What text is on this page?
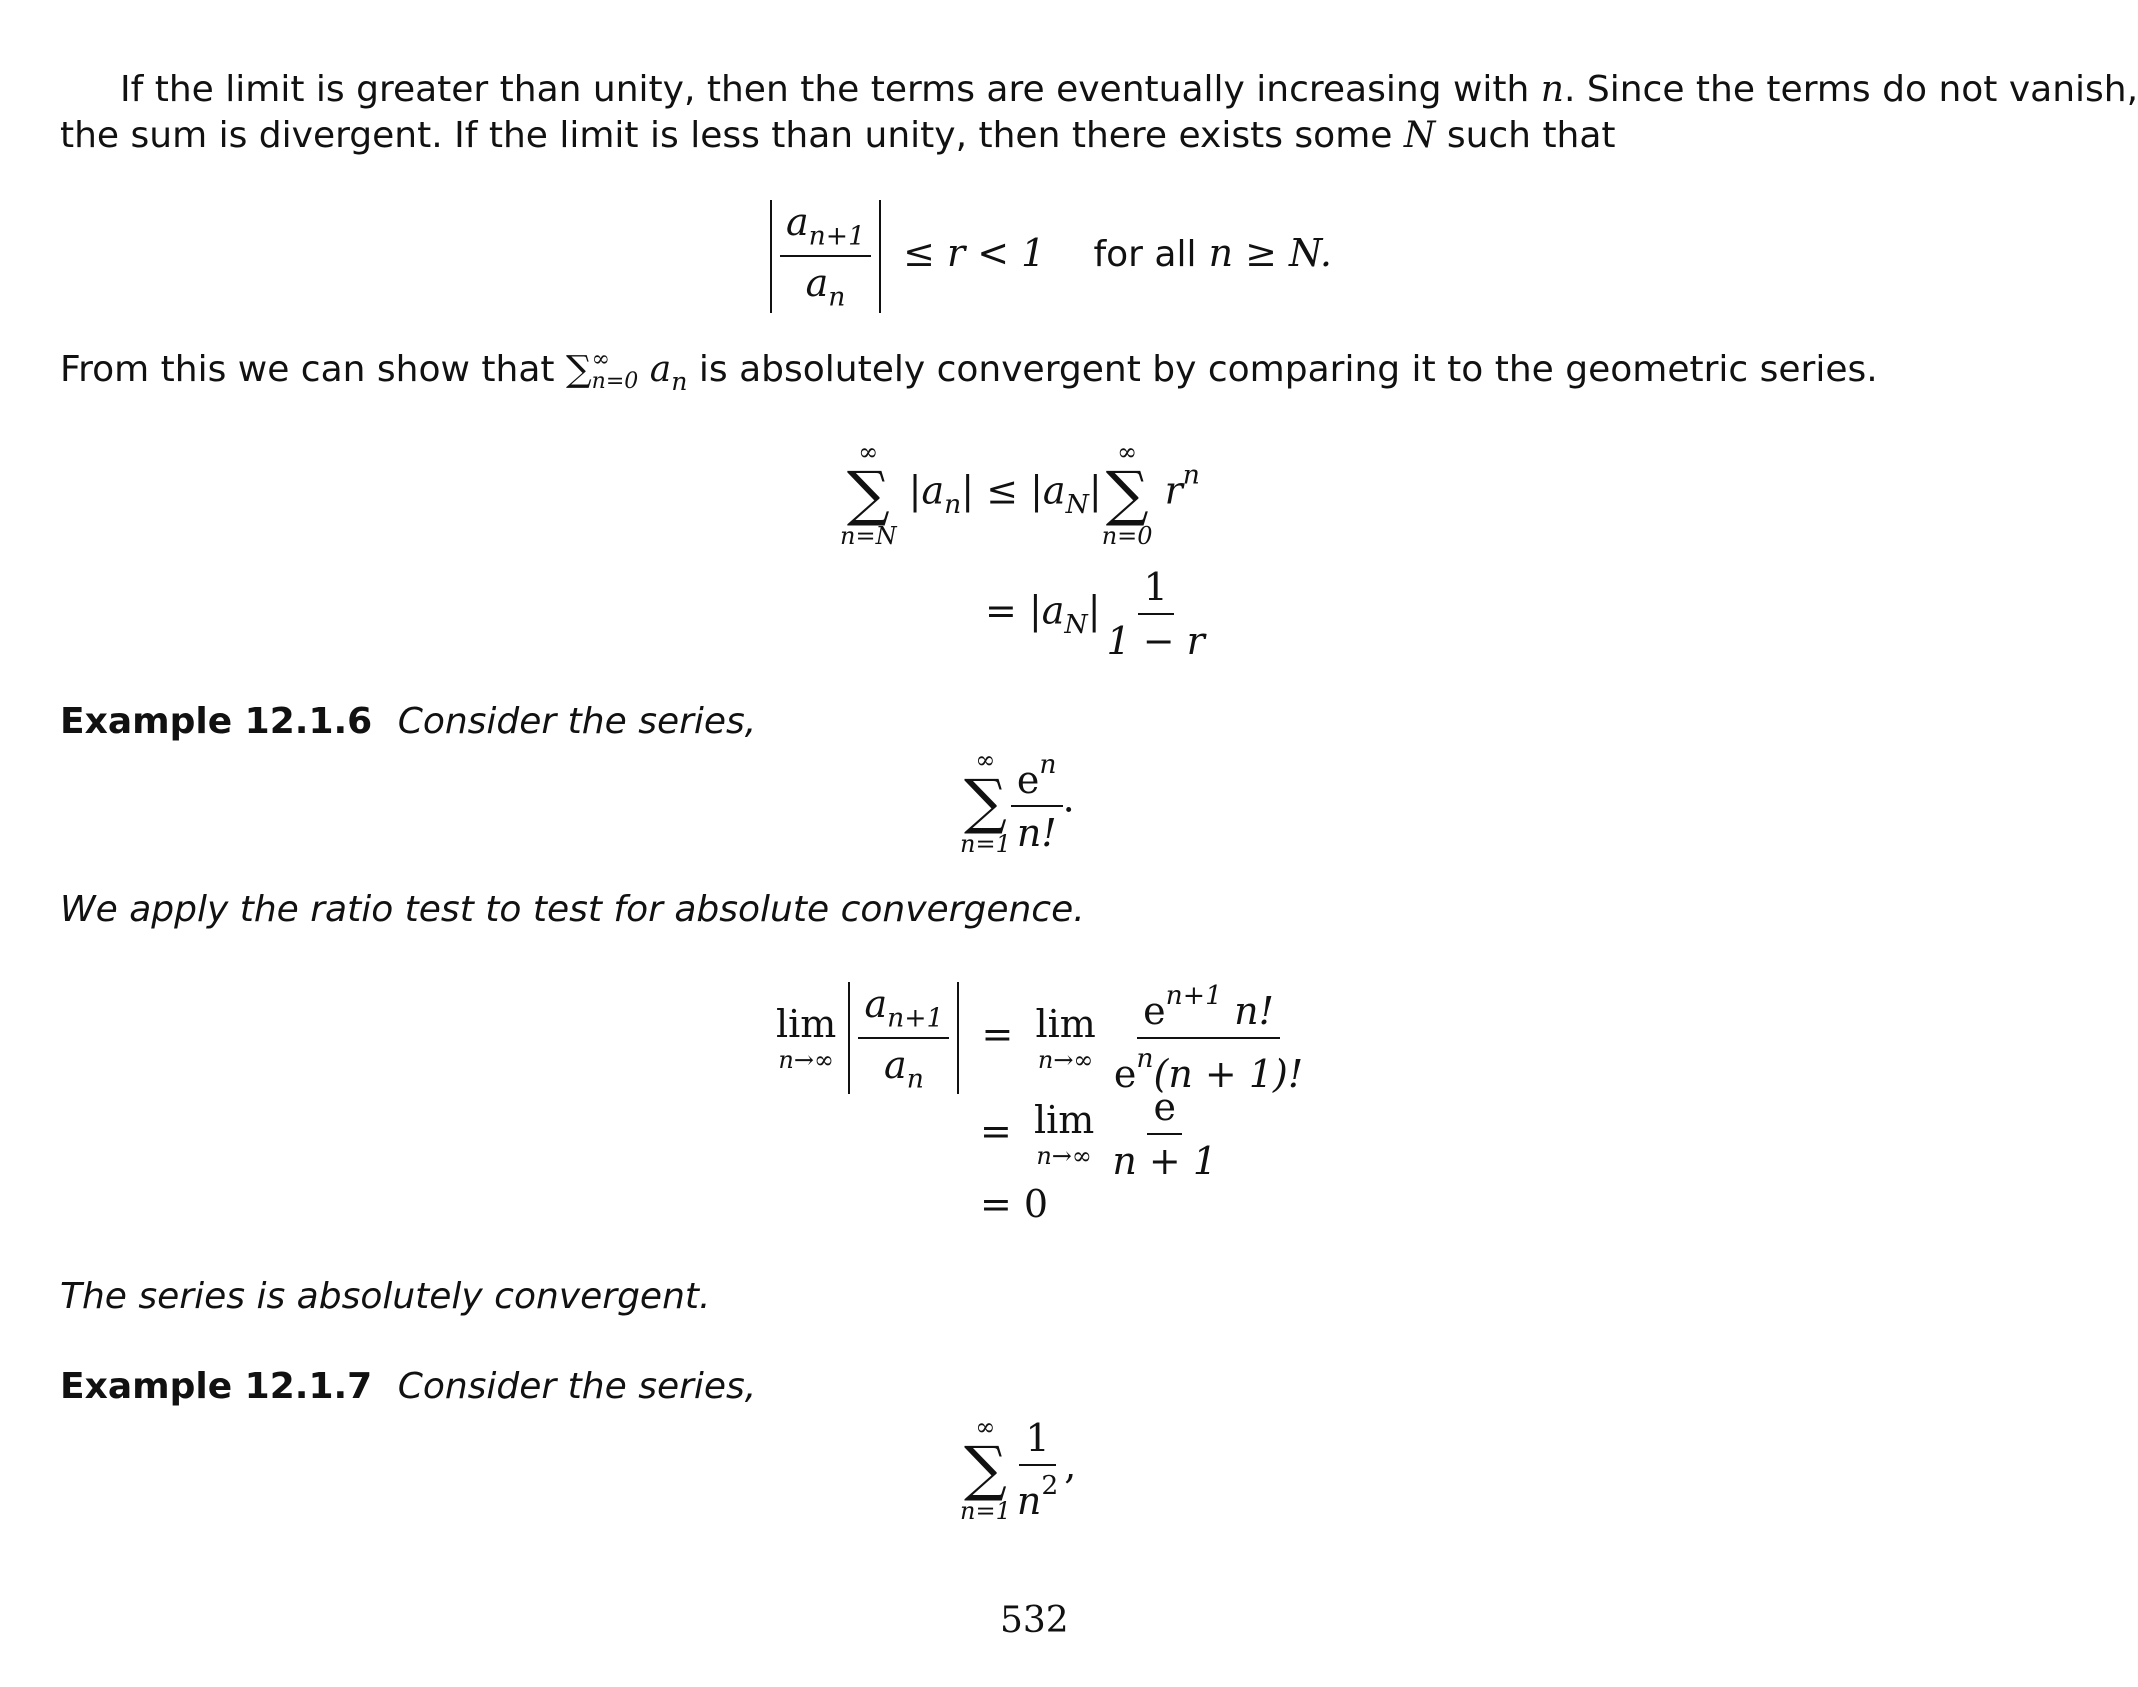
If the limit is greater than unity, then the terms are eventually increasing with n. Since the terms do not vanish,
the sum is divergent. If the limit is less than unity, then there exists some N such that
$\frac{a_{n+1}}{a_n} \le r < 1$ for all n ≥ N.
From this we can show that ∑ ∞
n=0 $a_n$ is absolutely convergent by comparing it to the geometric series.
∞
∑
n=N
$|a_n| \le |a_N|$
∞
∑
n=0
$r^n$
= $|a_N| \frac{1}{1 - r}$
Example 12.1.6 Consider the series,
∞
∑
$n=1 \frac{e^n}{n!}$ .
We apply the ratio test to test for absolute convergence.
lim
n→∞
$\frac{a_{n+1}}{a_n} = \lim$
n→∞
$\frac{e^{n+1} n!}{e^n(n + 1)!}$
= lim
n→∞
$\frac{e}{n + 1}$
= 0
The series is absolutely convergent.
Example 12.1.7 Consider the series,
∞
∑
$n=1 \frac{1}{n^2}$ ,
532
